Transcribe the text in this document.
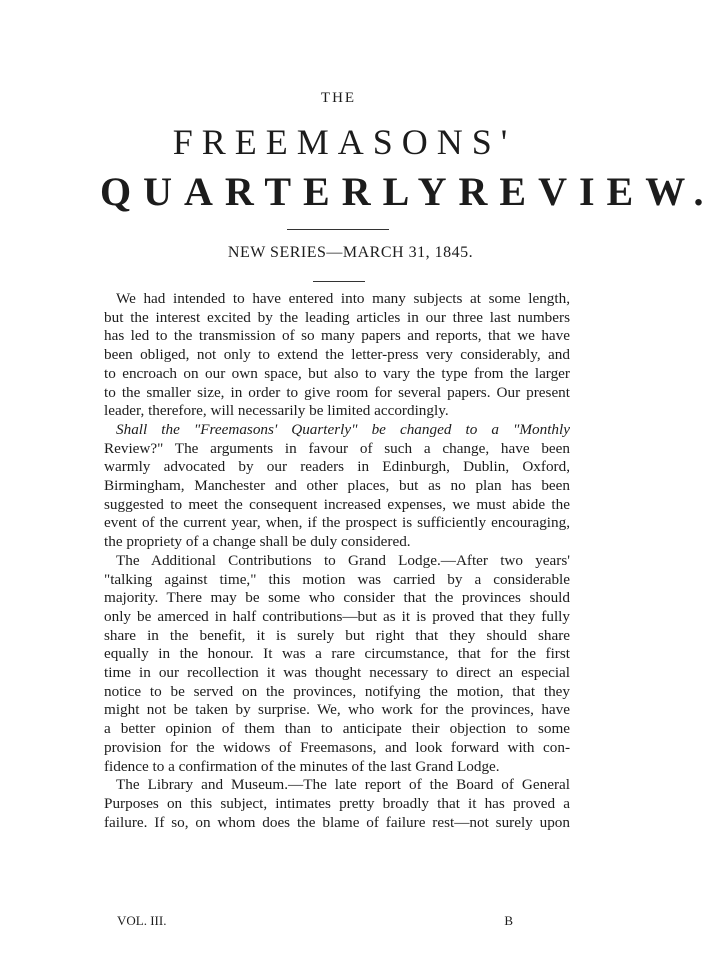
THE
FREEMASONS'
QUARTERLY REVIEW.
NEW SERIES—MARCH 31, 1845.
We had intended to have entered into many subjects at some length,
but the interest excited by the leading articles in our three last numbers
has led to the transmission of so many papers and reports, that we have
been obliged, not only to extend the letter-press very considerably, and
to encroach on our own space, but also to vary the type from the larger
to the smaller size, in order to give room for several papers. Our present
leader, therefore, will necessarily be limited accordingly.
Shall the "Freemasons' Quarterly" be changed to a "Monthly
Review?" The arguments in favour of such a change, have been
warmly advocated by our readers in Edinburgh, Dublin, Oxford,
Birmingham, Manchester and other places, but as no plan has been
suggested to meet the consequent increased expenses, we must abide the
event of the current year, when, if the prospect is sufficiently encouraging,
the propriety of a change shall be duly considered.
The Additional Contributions to Grand Lodge.—After two years'
"talking against time," this motion was carried by a considerable
majority. There may be some who consider that the provinces should
only be amerced in half contributions—but as it is proved that they fully
share in the benefit, it is surely but right that they should share
equally in the honour. It was a rare circumstance, that for the first
time in our recollection it was thought necessary to direct an especial
notice to be served on the provinces, notifying the motion, that they
might not be taken by surprise. We, who work for the provinces, have
a better opinion of them than to anticipate their objection to some
provision for the widows of Freemasons, and look forward with con-
fidence to a confirmation of the minutes of the last Grand Lodge.
The Library and Museum.—The late report of the Board of General
Purposes on this subject, intimates pretty broadly that it has proved a
failure. If so, on whom does the blame of failure rest—not surely upon
VOL. III.	B
